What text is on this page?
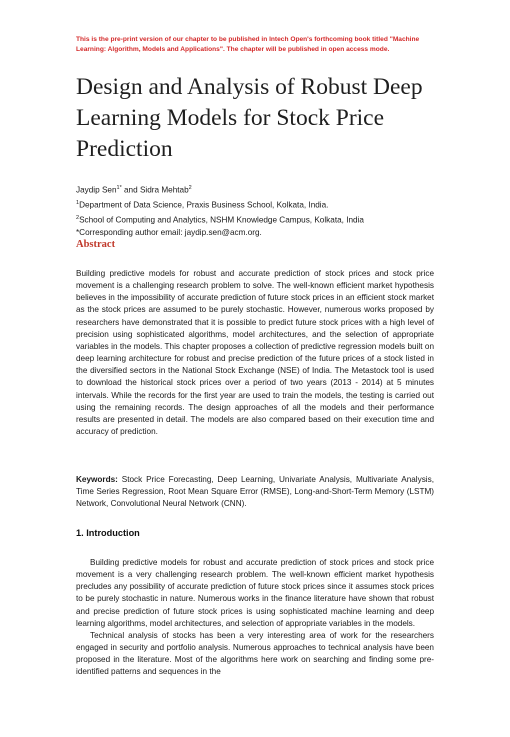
This is the pre-print version of our chapter to be published in Intech Open's forthcoming book titled "Machine Learning: Algorithm, Models and Applications". The chapter will be published in open access mode.
Design and Analysis of Robust Deep Learning Models for Stock Price Prediction
Jaydip Sen$^{1*}$ and Sidra Mehtab$^2$
$^1$Department of Data Science, Praxis Business School, Kolkata, India.
$^2$School of Computing and Analytics, NSHM Knowledge Campus, Kolkata, India
*Corresponding author email: jaydip.sen@acm.org.
Abstract

Building predictive models for robust and accurate prediction of stock prices and stock price movement is a challenging research problem to solve. The well-known efficient market hypothesis believes in the impossibility of accurate prediction of future stock prices in an efficient stock market as the stock prices are assumed to be purely stochastic. However, numerous works proposed by researchers have demonstrated that it is possible to predict future stock prices with a high level of precision using sophisticated algorithms, model architectures, and the selection of appropriate variables in the models. This chapter proposes a collection of predictive regression models built on deep learning architecture for robust and precise prediction of the future prices of a stock listed in the diversified sectors in the National Stock Exchange (NSE) of India. The Metastock tool is used to download the historical stock prices over a period of two years (2013 - 2014) at 5 minutes intervals. While the records for the first year are used to train the models, the testing is carried out using the remaining records. The design approaches of all the models and their performance results are presented in detail. The models are also compared based on their execution time and accuracy of prediction.

Keywords: Stock Price Forecasting, Deep Learning, Univariate Analysis, Multivariate Analysis, Time Series Regression, Root Mean Square Error (RMSE), Long-and-Short-Term Memory (LSTM) Network, Convolutional Neural Network (CNN).

1. Introduction

Building predictive models for robust and accurate prediction of stock prices and stock price movement is a very challenging research problem. The well-known efficient market hypothesis precludes any possibility of accurate prediction of future stock prices since it assumes stock prices to be purely stochastic in nature. Numerous works in the finance literature have shown that robust and precise prediction of future stock prices is using sophisticated machine learning and deep learning algorithms, model architectures, and selection of appropriate variables in the models.

Technical analysis of stocks has been a very interesting area of work for the researchers engaged in security and portfolio analysis. Numerous approaches to technical analysis have been proposed in the literature. Most of the algorithms here work on searching and finding some pre-identified patterns and sequences in the
